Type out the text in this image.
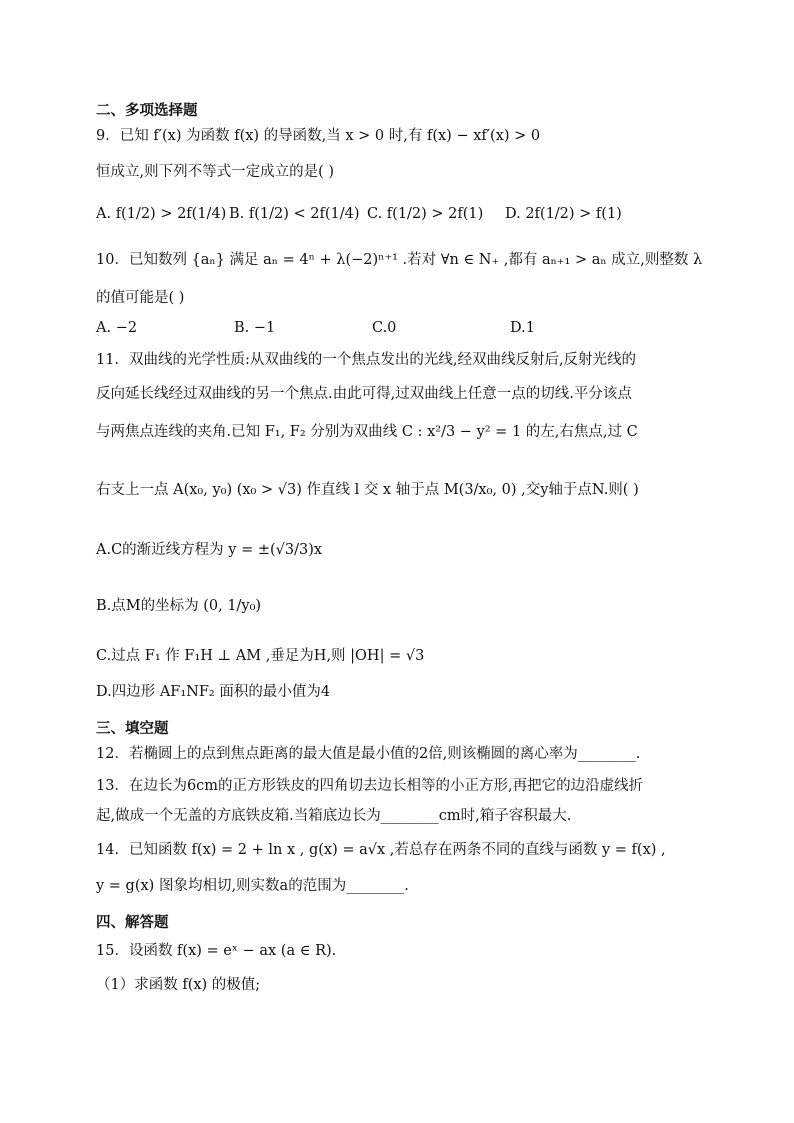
二、多项选择题
9．已知 f′(x) 为函数 f(x) 的导函数,当 x > 0 时,有 f(x) − xf′(x) > 0
恒成立,则下列不等式一定成立的是( )
A. f(1/2) > 2f(1/4) B. f(1/2) < 2f(1/4) C. f(1/2) > 2f(1)	D. 2f(1/2) > f(1)
10．已知数列 {aₙ} 满足 aₙ = 4ⁿ + λ(−2)ⁿ⁺¹ .若对 ∀n ∈ N₊ ,都有 aₙ₊₁ > aₙ 成立,则整数 λ
的值可能是( )
A. −2	B. −1	C.0	D.1
11．双曲线的光学性质:从双曲线的一个焦点发出的光线,经双曲线反射后,反射光线的
反向延长线经过双曲线的另一个焦点.由此可得,过双曲线上任意一点的切线.平分该点
与两焦点连线的夹角.已知 F₁, F₂ 分别为双曲线 C : x²/3 − y² = 1 的左,右焦点,过 C
右支上一点 A(x₀, y₀) (x₀ > √3) 作直线 l 交 x 轴于点 M(3/x₀, 0) ,交y轴于点N.则( )
A.C的渐近线方程为 y = ±(√3/3)x
B.点M的坐标为 (0, 1/y₀)
C.过点 F₁ 作 F₁H ⊥ AM ,垂足为H,则 |OH| = √3
D.四边形 AF₁NF₂ 面积的最小值为4
三、填空题
12．若椭圆上的点到焦点距离的最大值是最小值的2倍,则该椭圆的离心率为________.
13．在边长为6cm的正方形铁皮的四角切去边长相等的小正方形,再把它的边沿虚线折
起,做成一个无盖的方底铁皮箱.当箱底边长为________cm时,箱子容积最大.
14．已知函数 f(x) = 2 + ln x , g(x) = a√x ,若总存在两条不同的直线与函数 y = f(x) ,
y = g(x) 图象均相切,则实数a的范围为________.
四、解答题
15．设函数 f(x) = eˣ − ax (a ∈ R).
（1）求函数 f(x) 的极值;
